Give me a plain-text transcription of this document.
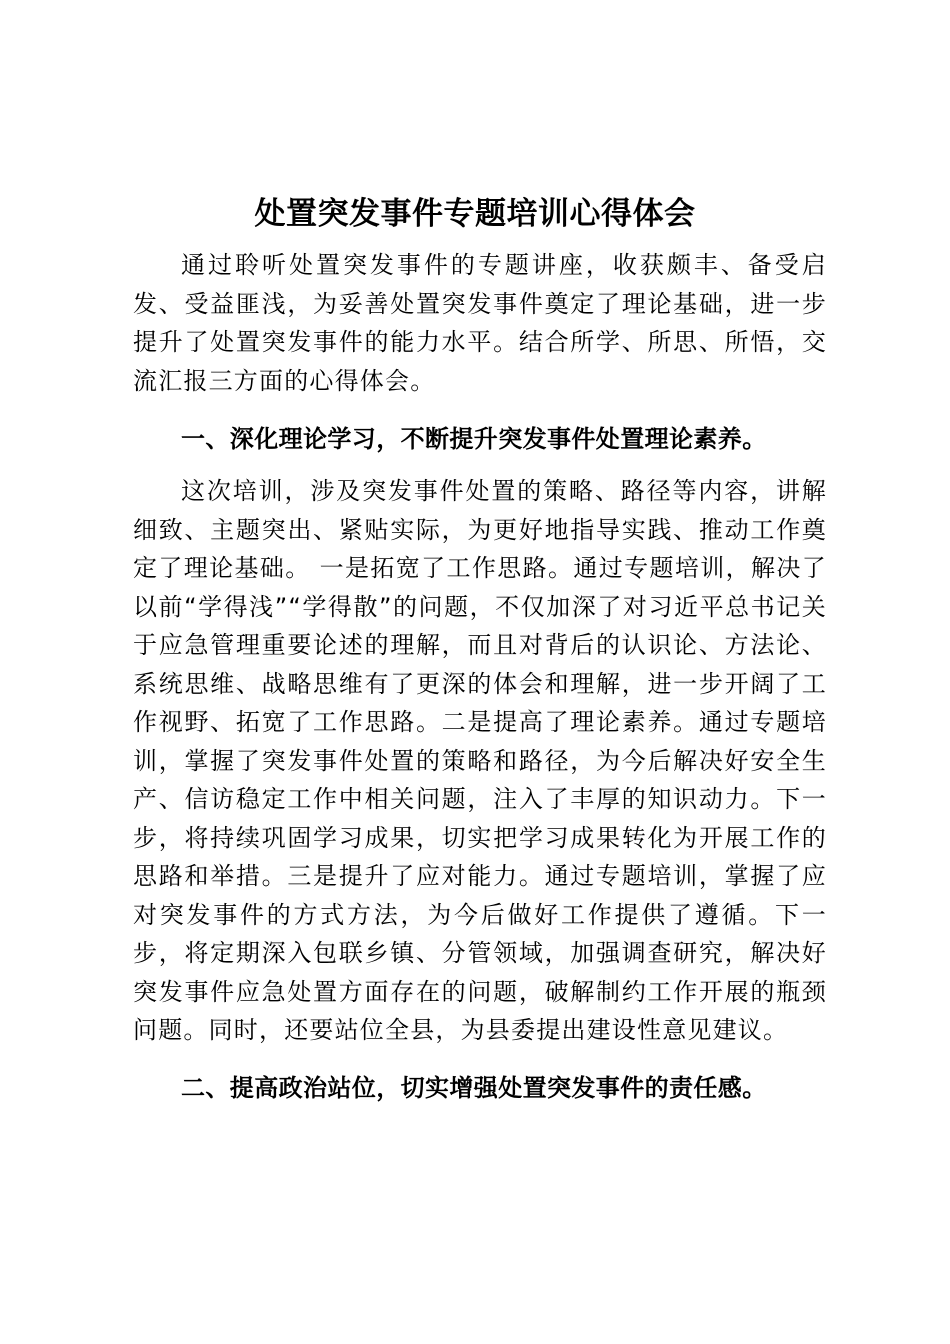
处置突发事件专题培训心得体会
通过聆听处置突发事件的专题讲座，收获颇丰、备受启发、受益匪浅，为妥善处置突发事件奠定了理论基础，进一步提升了处置突发事件的能力水平。结合所学、所思、所悟，交流汇报三方面的心得体会。
一、深化理论学习，不断提升突发事件处置理论素养。
这次培训，涉及突发事件处置的策略、路径等内容，讲解细致、主题突出、紧贴实际，为更好地指导实践、推动工作奠定了理论基础。 一是拓宽了工作思路。通过专题培训，解决了以前“学得浅”“学得散”的问题，不仅加深了对习近平总书记关于应急管理重要论述的理解，而且对背后的认识论、方法论、系统思维、战略思维有了更深的体会和理解，进一步开阔了工作视野、拓宽了工作思路。二是提高了理论素养。通过专题培训，掌握了突发事件处置的策略和路径，为今后解决好安全生产、信访稳定工作中相关问题，注入了丰厚的知识动力。下一步，将持续巩固学习成果，切实把学习成果转化为开展工作的思路和举措。三是提升了应对能力。通过专题培训，掌握了应对突发事件的方式方法，为今后做好工作提供了遵循。下一步，将定期深入包联乡镇、分管领域，加强调查研究，解决好突发事件应急处置方面存在的问题，破解制约工作开展的瓶颈问题。同时，还要站位全县，为县委提出建设性意见建议。
二、提高政治站位，切实增强处置突发事件的责任感。
